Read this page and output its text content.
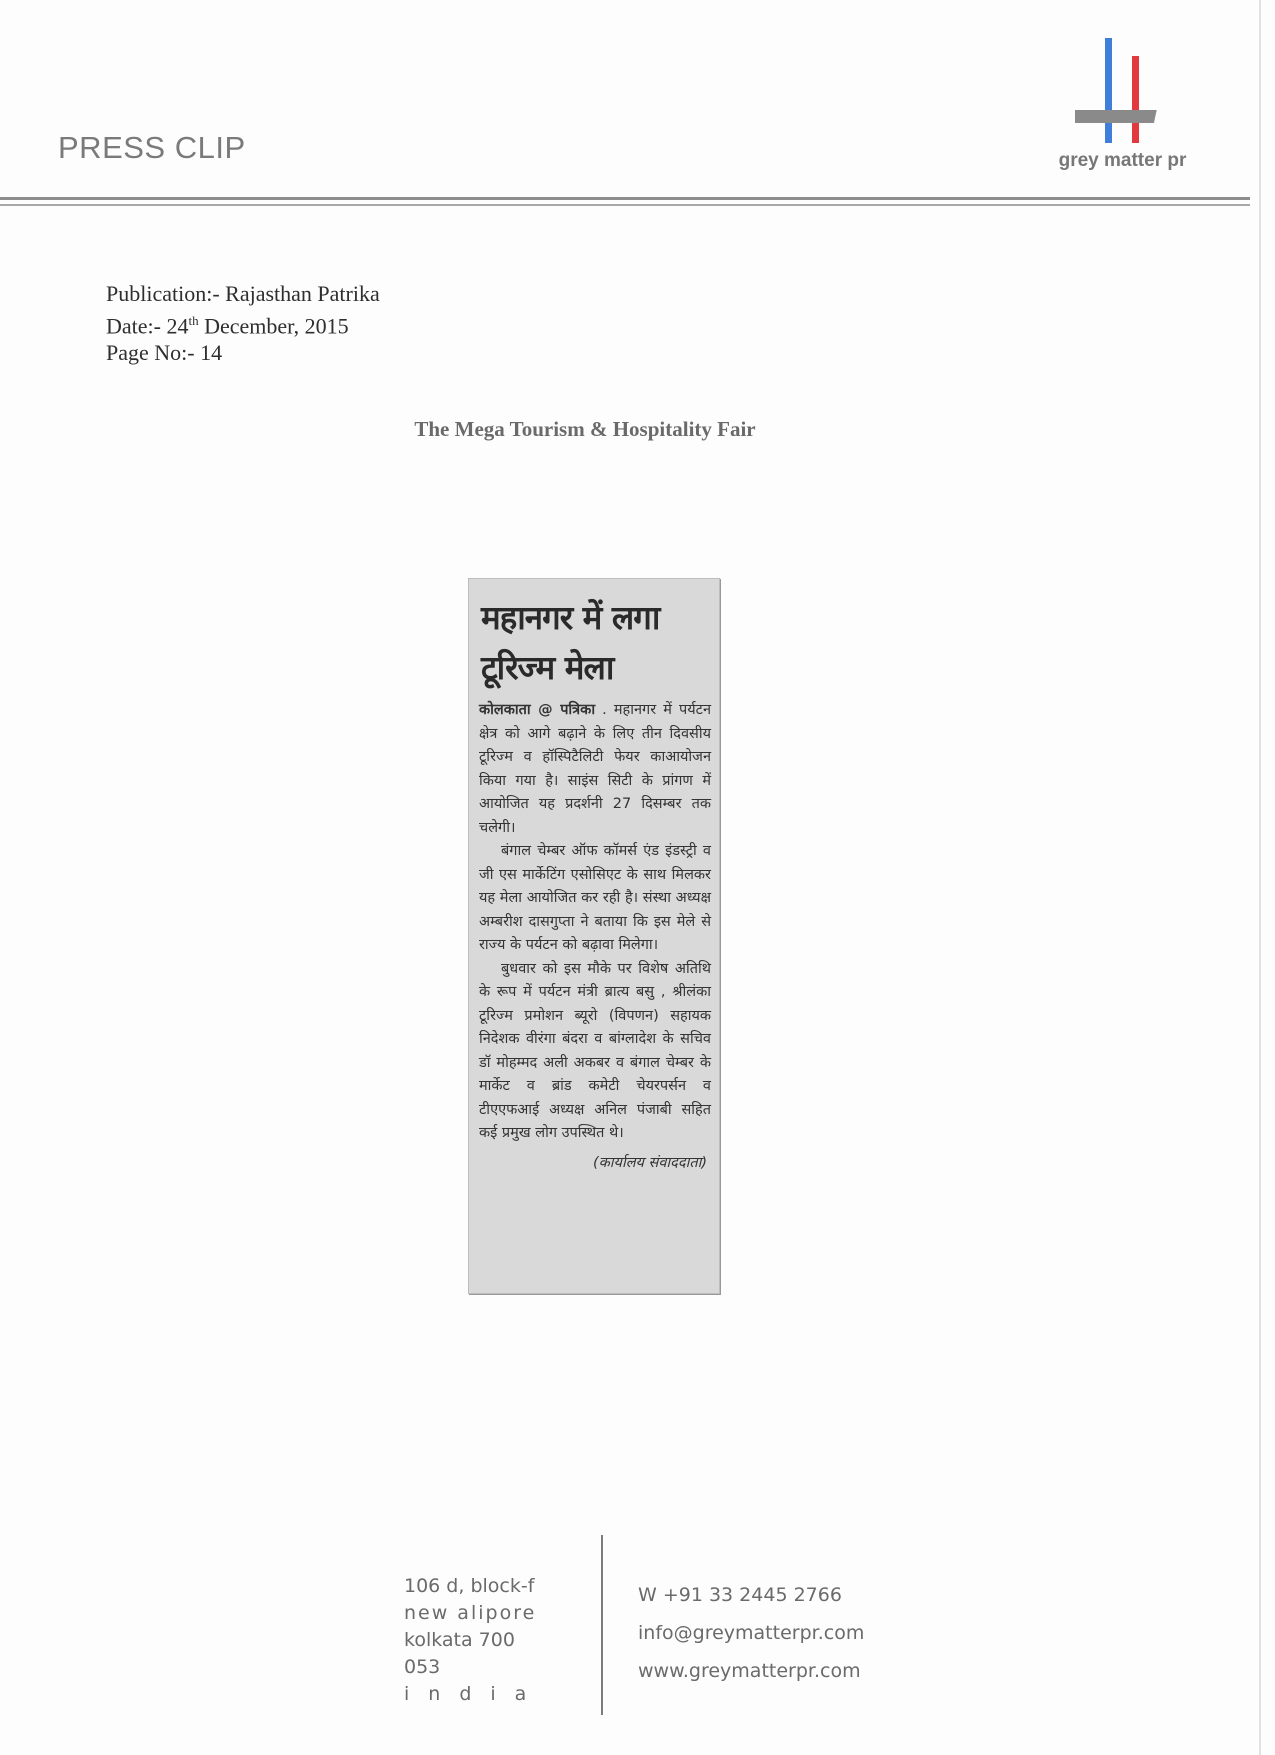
PRESS CLIP	grey matter pr
Publication:- Rajasthan Patrika
Date:- 24th December, 2015
Page No:- 14
The Mega Tourism & Hospitality Fair
महानगर में लगा
टूरिज्म मेला

कोलकाता @ पत्रिका . महानगर में पर्यटन क्षेत्र को आगे बढ़ाने के लिए तीन दिवसीय टूरिज्म व हॉस्पिटैलिटी फेयर काआयोजन किया गया है। साइंस सिटी के प्रांगण में आयोजित यह प्रदर्शनी 27 दिसम्बर तक चलेगी।

बंगाल चेम्बर ऑफ कॉमर्स एंड इंडस्ट्री व जी एस मार्केटिंग एसोसिएट के साथ मिलकर यह मेला आयोजित कर रही है। संस्था अध्यक्ष अम्बरीश दासगुप्ता ने बताया कि इस मेले से राज्य के पर्यटन को बढ़ावा मिलेगा।

बुधवार को इस मौके पर विशेष अतिथि के रूप में पर्यटन मंत्री ब्रात्य बसु , श्रीलंका टूरिज्म प्रमोशन ब्यूरो (विपणन) सहायक निदेशक वीरंगा बंदरा व बांग्लादेश के सचिव डॉ मोहम्मद अली अकबर व बंगाल चेम्बर के मार्केट व ब्रांड कमेटी चेयरपर्सन व टीएएफआई अध्यक्ष अनिल पंजाबी सहित कई प्रमुख लोग उपस्थित थे।

(कार्यालय संवाददाता)
106 d, block-f
new alipore
kolkata 700 053
india
W +91 33 2445 2766
info@greymatterpr.com
www.greymatterpr.com
